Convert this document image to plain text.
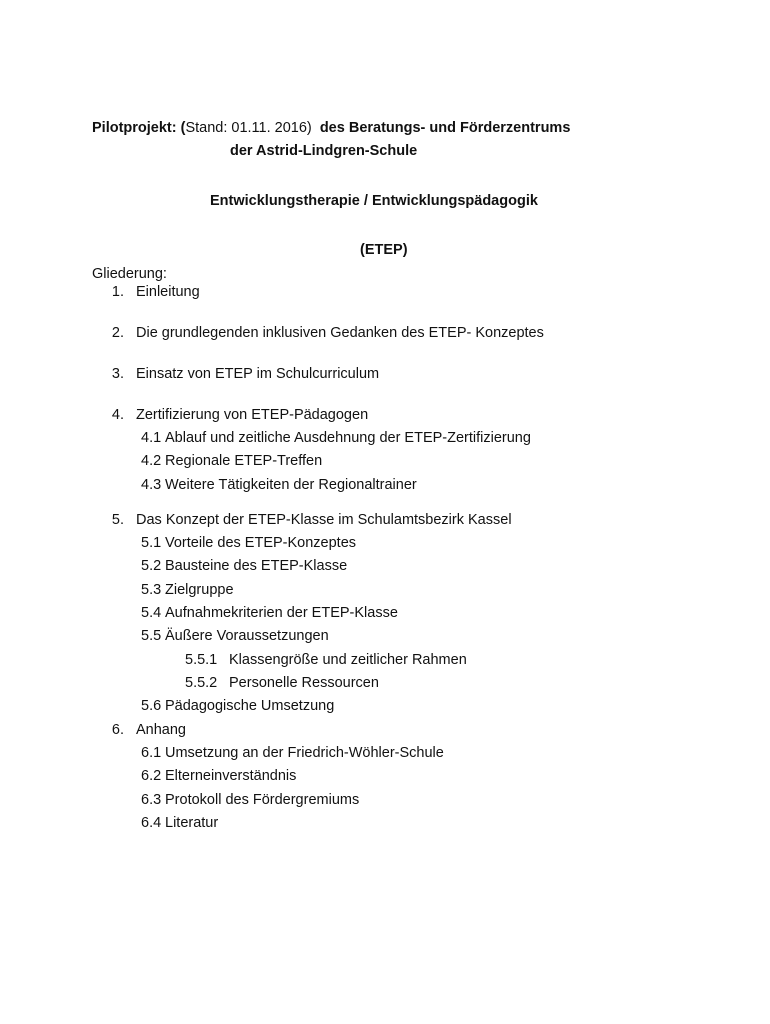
Pilotprojekt: (Stand: 01.11. 2016) des Beratungs- und Förderzentrums
der Astrid-Lindgren-Schule
Entwicklungstherapie / Entwicklungspädagogik
(ETEP)
Gliederung:
1. Einleitung
2. Die grundlegenden inklusiven Gedanken des ETEP- Konzeptes
3. Einsatz von ETEP im Schulcurriculum
4. Zertifizierung von ETEP-Pädagogen
4.1 Ablauf und zeitliche Ausdehnung der ETEP-Zertifizierung
4.2 Regionale ETEP-Treffen
4.3 Weitere Tätigkeiten der Regionaltrainer
5. Das Konzept der ETEP-Klasse im Schulamtsbezirk Kassel
5.1 Vorteile des ETEP-Konzeptes
5.2 Bausteine des ETEP-Klasse
5.3 Zielgruppe
5.4 Aufnahmekriterien der ETEP-Klasse
5.5 Äußere Voraussetzungen
5.5.1 Klassengröße und zeitlicher Rahmen
5.5.2 Personelle Ressourcen
5.6 Pädagogische Umsetzung
6. Anhang
6.1 Umsetzung an der Friedrich-Wöhler-Schule
6.2 Elterneinverständnis
6.3 Protokoll des Fördergremiums
6.4 Literatur
